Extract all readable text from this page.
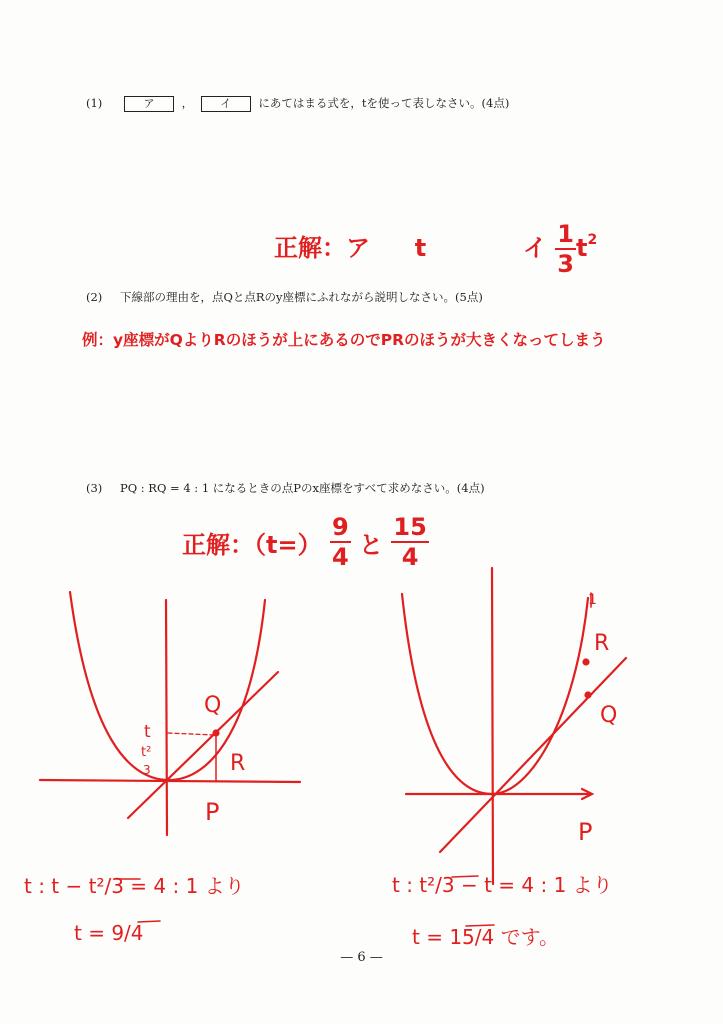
(1)	ア ， イ にあてはまる式を，tを使って表しなさい。(4点)
正解：ア t	イ $\frac{1}{3} t^2$
(2) 下線部の理由を，点Qと点Rのy座標にふれながら説明しなさい。(5点)
例：y座標がQよりRのほうが上にあるのでPRのほうが大きくなってしまう
(3) PQ : RQ = 4 : 1 になるときの点Pのx座標をすべて求めなさい。(4点)
正解：$(t=) \frac{9}{4}$ と $\frac{15}{4}$
Q
R
P
t
t²
3
t : t − t²/3 = 4 : 1 より
t = 9/4
R
Q
P
1
t : t²/3 − t = 4 : 1 より
t = 15/4 です。
— 6 —
